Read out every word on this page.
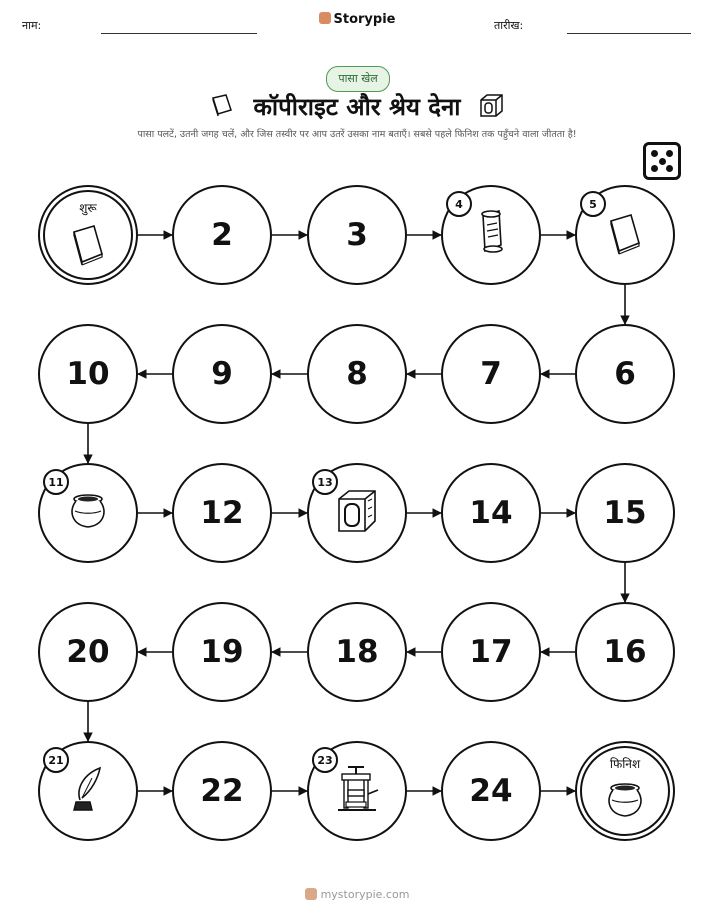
नाम:	Storypie	तारीख:
पासा खेल
कॉपीराइट और श्रेय देना
पासा पलटें, उतनी जगह चलें, और जिस तस्वीर पर आप उतरें उसका नाम बताएँ। सबसे पहले फिनिश तक पहुँचने वाला जीतता है!
शुरू
2	3
4	5
6
7
8
9
10
11
12
13
14	15
16
17
18
19
20
21
22
23
24
फिनिश
mystorypie.com
